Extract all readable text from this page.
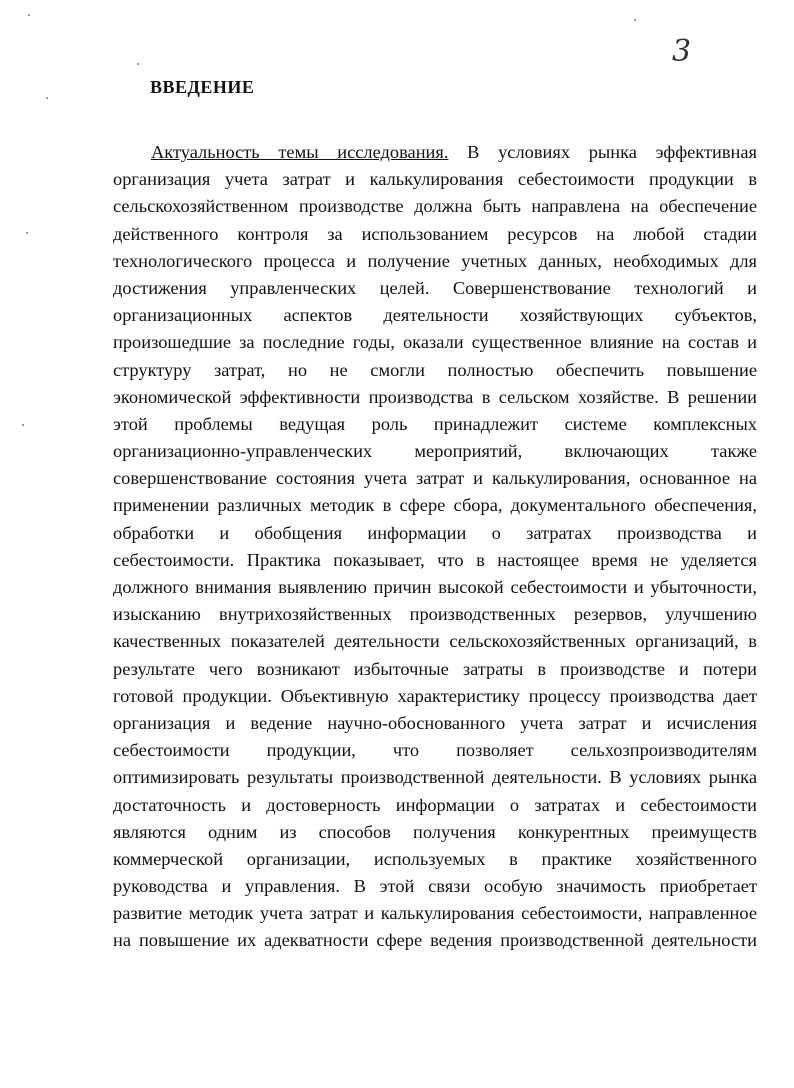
3
ВВЕДЕНИЕ
Актуальность темы исследования. В условиях рынка эффективная
организация учета затрат и калькулирования себестоимости продукции в
сельскохозяйственном производстве должна быть направлена на обеспечение
действенного контроля за использованием ресурсов на любой стадии
технологического процесса и получение учетных данных, необходимых для
достижения управленческих целей. Совершенствование технологий и
организационных аспектов деятельности хозяйствующих субъектов,
произошедшие за последние годы, оказали существенное влияние на состав и
структуру затрат, но не смогли полностью обеспечить повышение
экономической эффективности производства в сельском хозяйстве. В решении
этой проблемы ведущая роль принадлежит системе комплексных
организационно-управленческих мероприятий, включающих также
совершенствование состояния учета затрат и калькулирования, основанное на
применении различных методик в сфере сбора, документального обеспечения,
обработки и обобщения информации о затратах производства и
себестоимости. Практика показывает, что в настоящее время не уделяется
должного внимания выявлению причин высокой себестоимости и убыточности,
изысканию внутрихозяйственных производственных резервов, улучшению
качественных показателей деятельности сельскохозяйственных организаций, в
результате чего возникают избыточные затраты в производстве и потери
готовой продукции. Объективную характеристику процессу производства дает
организация и ведение научно-обоснованного учета затрат и исчисления
себестоимости продукции, что позволяет сельхозпроизводителям
оптимизировать результаты производственной деятельности. В условиях рынка
достаточность и достоверность информации о затратах и себестоимости
являются одним из способов получения конкурентных преимуществ
коммерческой организации, используемых в практике хозяйственного
руководства и управления. В этой связи особую значимость приобретает
развитие методик учета затрат и калькулирования себестоимости, направленное
на повышение их адекватности сфере ведения производственной деятельности
